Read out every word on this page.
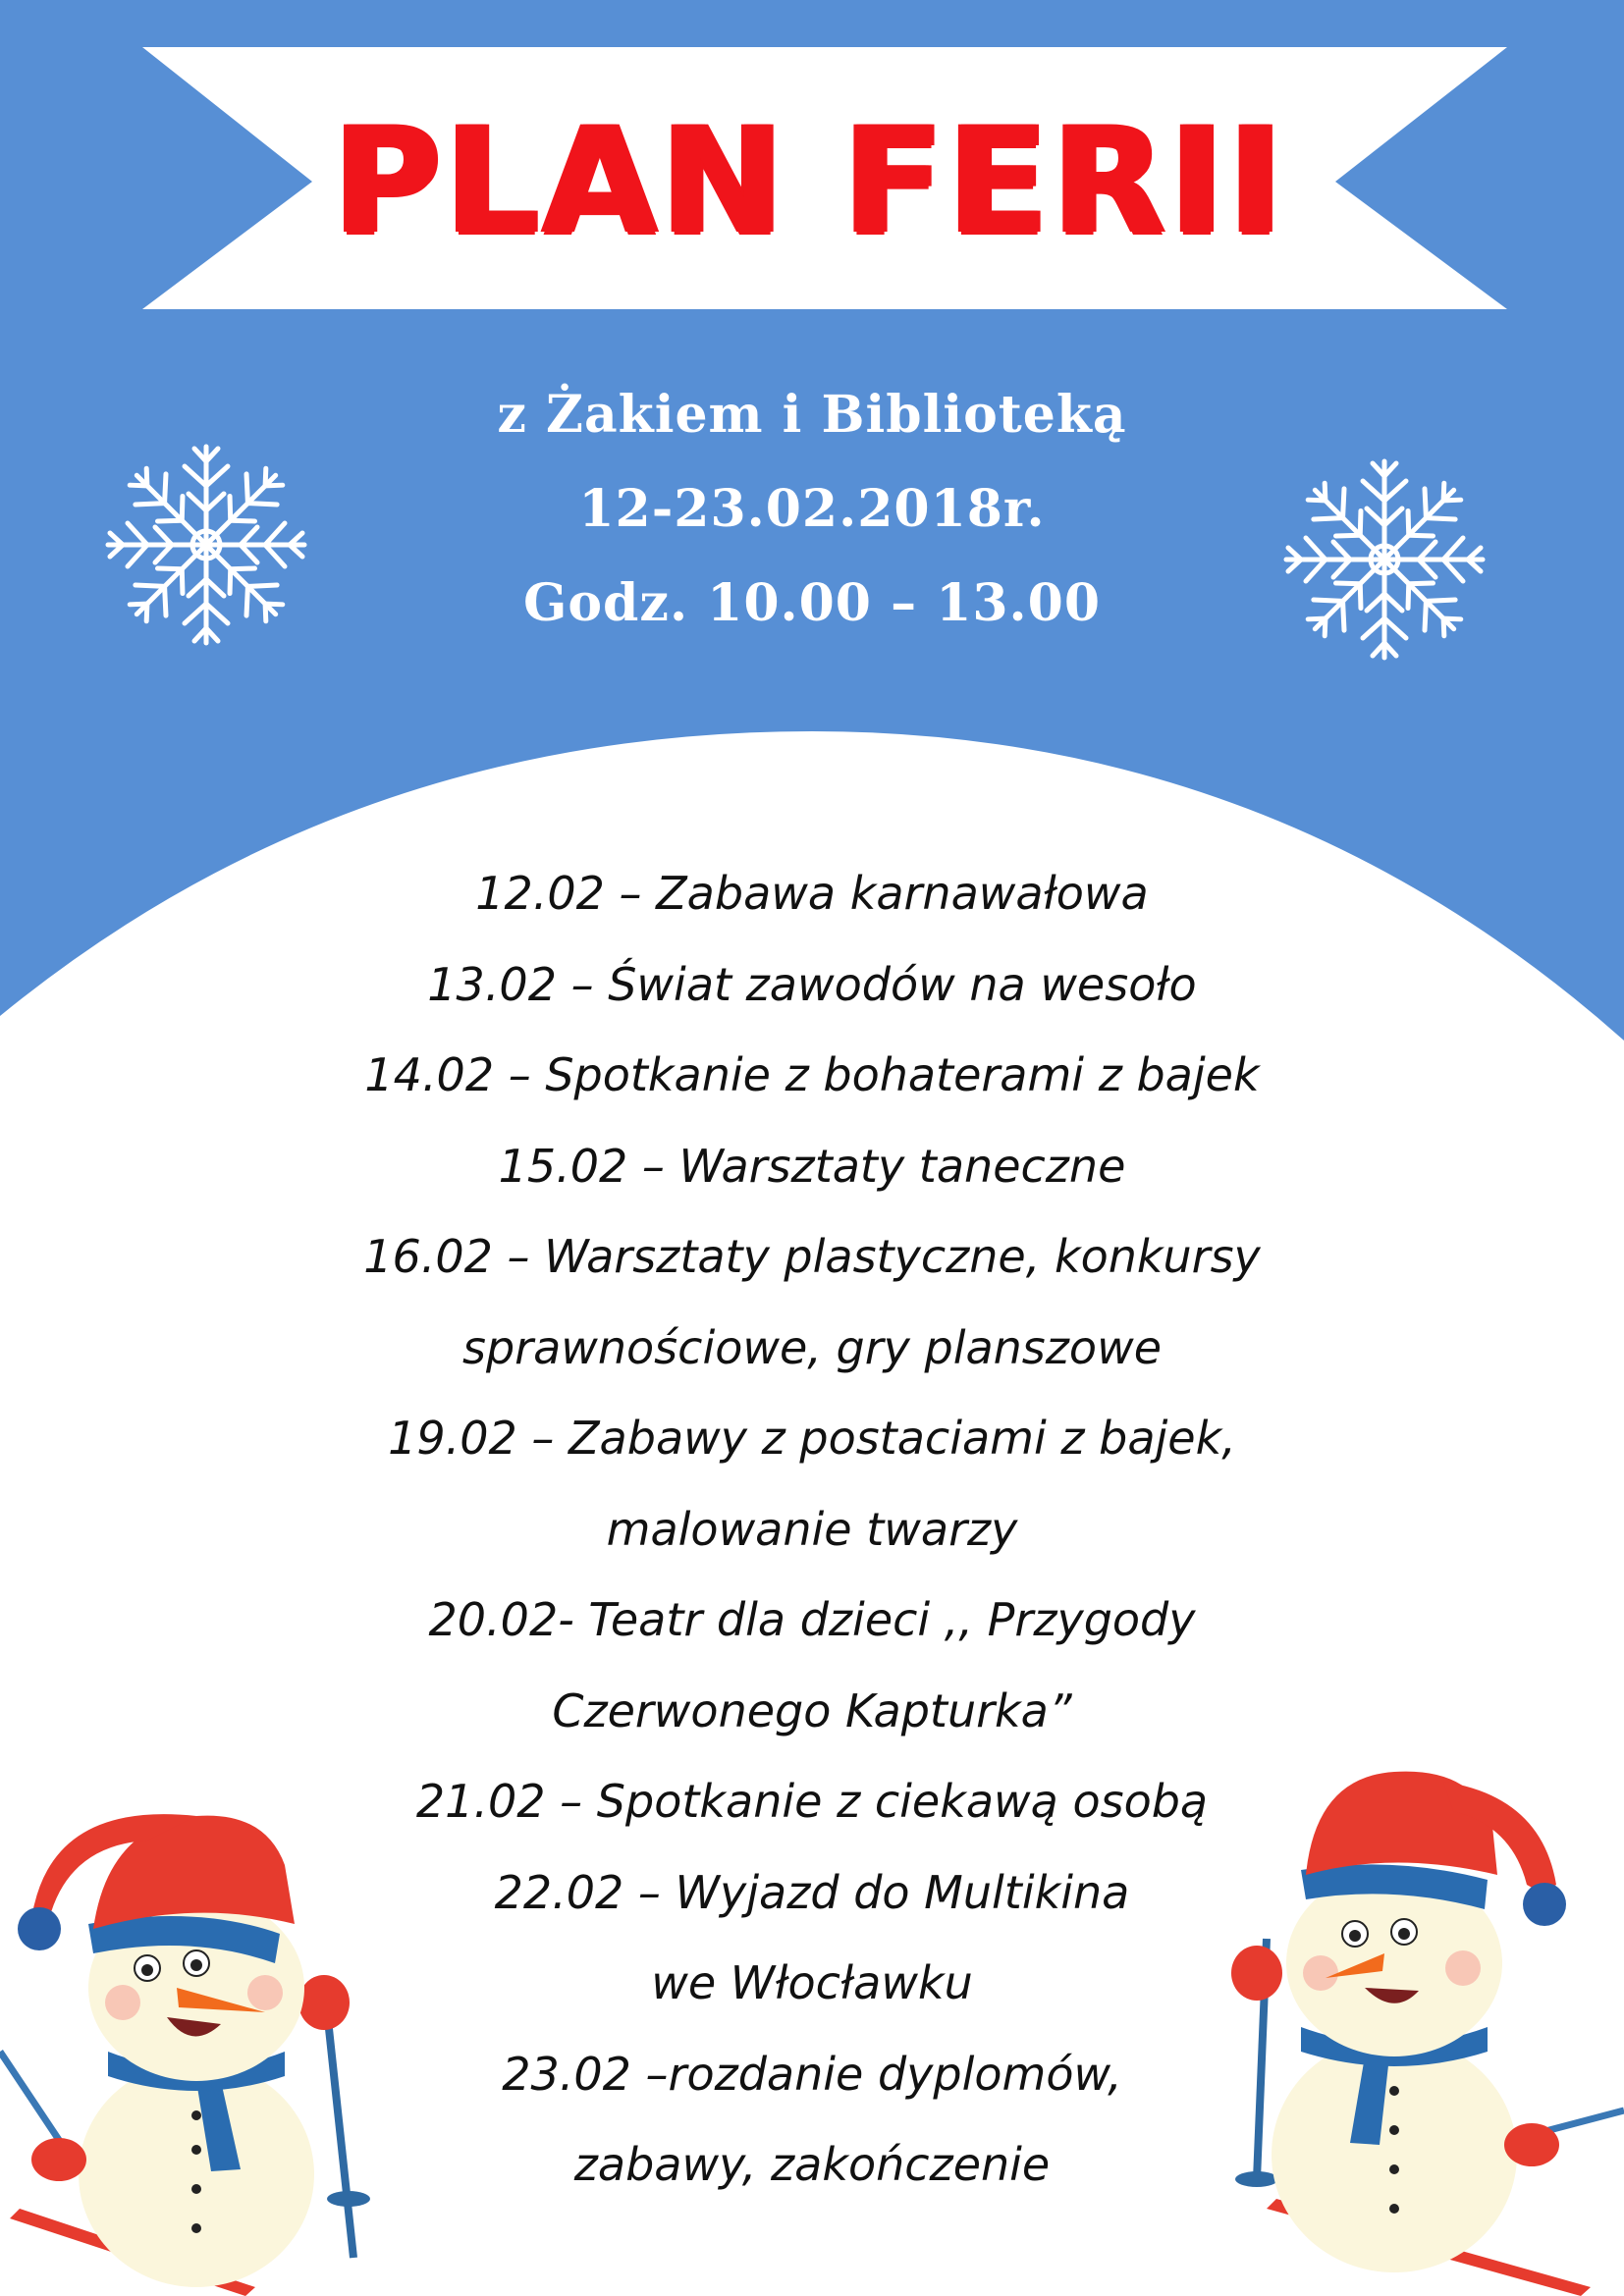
PLAN FERII
z Żakiem i Biblioteką
12-23.02.2018r.
Godz. 10.00 – 13.00
12.02 – Zabawa karnawałowa
13.02 – Świat zawodów na wesoło
14.02 – Spotkanie z bohaterami z bajek
15.02 – Warsztaty taneczne
16.02 – Warsztaty plastyczne, konkursy
sprawnościowe, gry planszowe
19.02 – Zabawy z postaciami z bajek,
malowanie twarzy
20.02- Teatr dla dzieci ,, Przygody
Czerwonego Kapturka”
21.02 – Spotkanie z ciekawą osobą
22.02 – Wyjazd do Multikina
we Włocławku
23.02 –rozdanie dyplomów,
zabawy, zakończenie
